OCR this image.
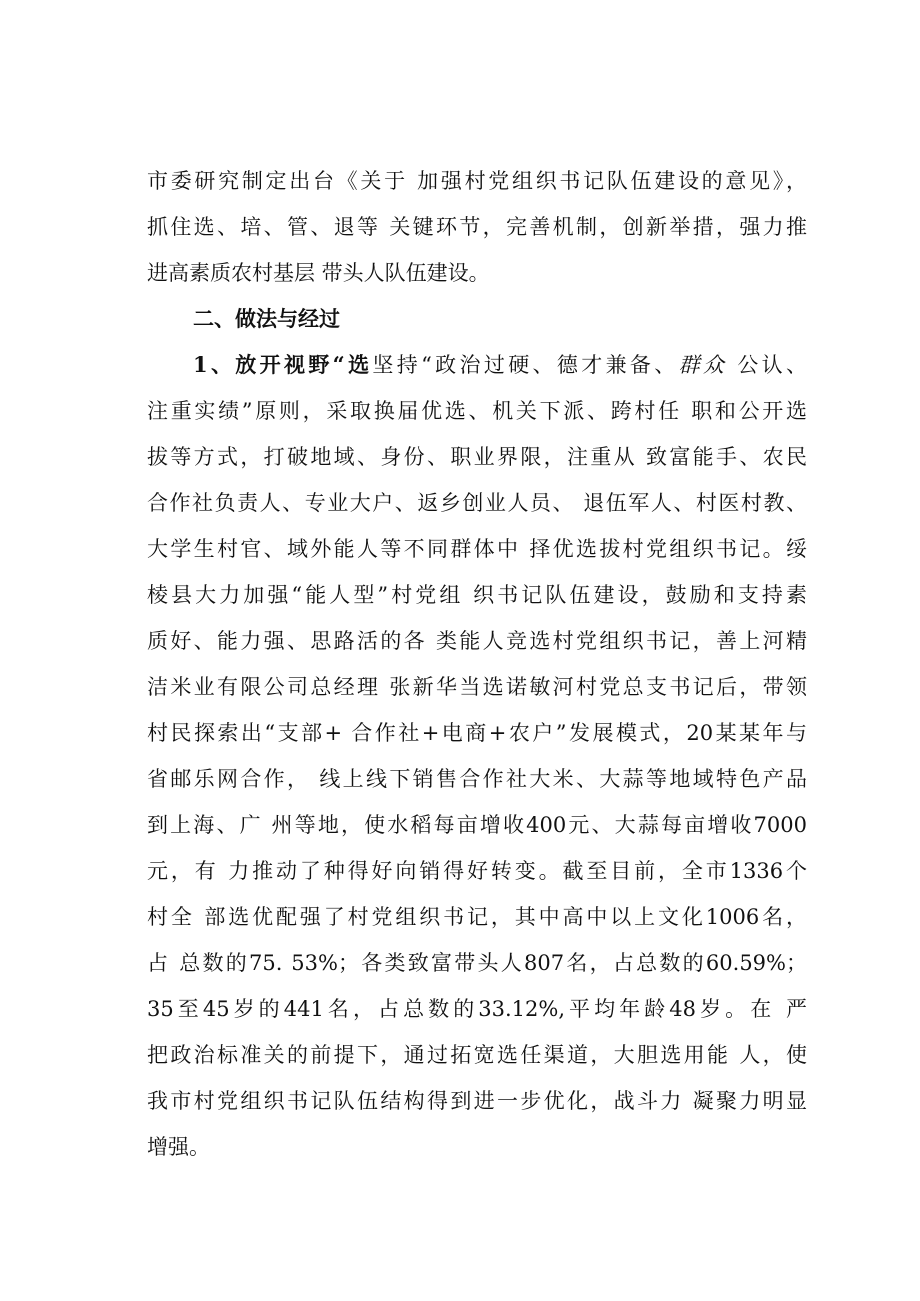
市委研究制定出台《关于 加强村党组织书记队伍建设的意见》，
抓住选、培、管、退等 关键环节，完善机制，创新举措，强力推
进高素质农村基层 带头人队伍建设。
二、做法与经过
1、放开视野“选坚持“政治过硬、德才兼备、群众 公认、
注重实绩”原则，采取换届优选、机关下派、跨村任 职和公开选
拔等方式，打破地域、身份、职业界限，注重从 致富能手、农民
合作社负责人、专业大户、返乡创业人员、 退伍军人、村医村教、
大学生村官、域外能人等不同群体中 择优选拔村党组织书记。绥
棱县大力加强“能人型”村党组 织书记队伍建设，鼓励和支持素
质好、能力强、思路活的各 类能人竞选村党组织书记，善上河精
洁米业有限公司总经理 张新华当选诺敏河村党总支书记后，带领
村民探索出“支部+ 合作社+电商+农户”发展模式，20某某年与
省邮乐网合作， 线上线下销售合作社大米、大蒜等地域特色产品
到上海、广 州等地，使水稻每亩增收400元、大蒜每亩增收7000
元，有 力推动了种得好向销得好转变。截至目前，全市1336个
村全 部选优配强了村党组织书记，其中高中以上文化1006名，
占 总数的75. 53%；各类致富带头人807名，占总数的60.59%；
35至45岁的441名，占总数的33.12%,平均年龄48岁。在 严
把政治标准关的前提下，通过拓宽选任渠道，大胆选用能 人，使
我市村党组织书记队伍结构得到进一步优化，战斗力 凝聚力明显
增强。
